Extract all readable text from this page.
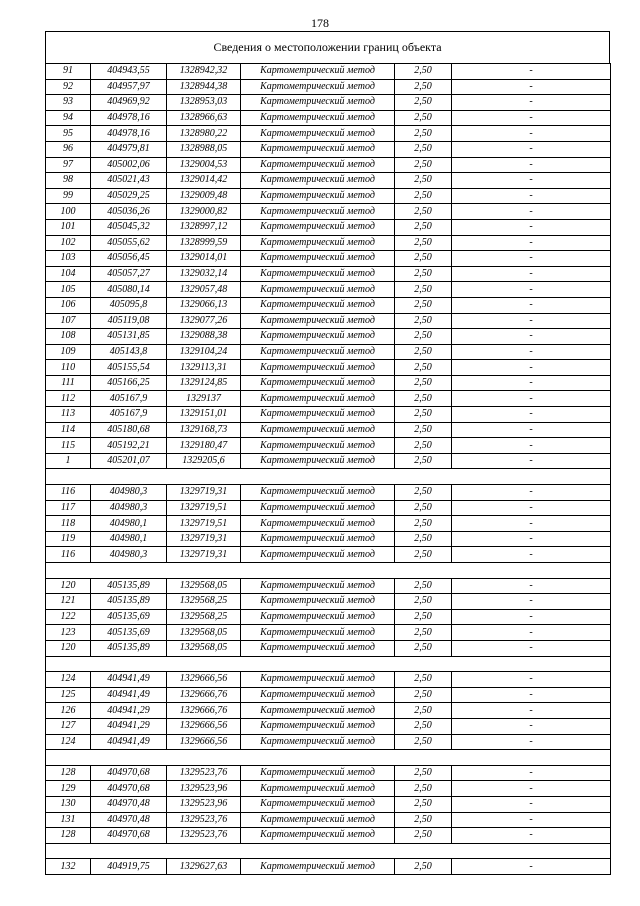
178
Сведения о местоположении границ объекта
91	404943,55	1328942,32	Картометрический метод	2,50	-
92	404957,97	1328944,38	Картометрический метод	2,50	-
93	404969,92	1328953,03	Картометрический метод	2,50	-
94	404978,16	1328966,63	Картометрический метод	2,50	-
95	404978,16	1328980,22	Картометрический метод	2,50	-
96	404979,81	1328988,05	Картометрический метод	2,50	-
97	405002,06	1329004,53	Картометрический метод	2,50	-
98	405021,43	1329014,42	Картометрический метод	2,50	-
99	405029,25	1329009,48	Картометрический метод	2,50	-
100	405036,26	1329000,82	Картометрический метод	2,50	-
101	405045,32	1328997,12	Картометрический метод	2,50	-
102	405055,62	1328999,59	Картометрический метод	2,50	-
103	405056,45	1329014,01	Картометрический метод	2,50	-
104	405057,27	1329032,14	Картометрический метод	2,50	-
105	405080,14	1329057,48	Картометрический метод	2,50	-
106	405095,8	1329066,13	Картометрический метод	2,50	-
107	405119,08	1329077,26	Картометрический метод	2,50	-
108	405131,85	1329088,38	Картометрический метод	2,50	-
109	405143,8	1329104,24	Картометрический метод	2,50	-
110	405155,54	1329113,31	Картометрический метод	2,50	-
111	405166,25	1329124,85	Картометрический метод	2,50	-
112	405167,9	1329137	Картометрический метод	2,50	-
113	405167,9	1329151,01	Картометрический метод	2,50	-
114	405180,68	1329168,73	Картометрический метод	2,50	-
115	405192,21	1329180,47	Картометрический метод	2,50	-
1	405201,07	1329205,6	Картометрический метод	2,50	-

116	404980,3	1329719,31	Картометрический метод	2,50	-
117	404980,3	1329719,51	Картометрический метод	2,50	-
118	404980,1	1329719,51	Картометрический метод	2,50	-
119	404980,1	1329719,31	Картометрический метод	2,50	-
116	404980,3	1329719,31	Картометрический метод	2,50	-

120	405135,89	1329568,05	Картометрический метод	2,50	-
121	405135,89	1329568,25	Картометрический метод	2,50	-
122	405135,69	1329568,25	Картометрический метод	2,50	-
123	405135,69	1329568,05	Картометрический метод	2,50	-
120	405135,89	1329568,05	Картометрический метод	2,50	-

124	404941,49	1329666,56	Картометрический метод	2,50	-
125	404941,49	1329666,76	Картометрический метод	2,50	-
126	404941,29	1329666,76	Картометрический метод	2,50	-
127	404941,29	1329666,56	Картометрический метод	2,50	-
124	404941,49	1329666,56	Картометрический метод	2,50	-

128	404970,68	1329523,76	Картометрический метод	2,50	-
129	404970,68	1329523,96	Картометрический метод	2,50	-
130	404970,48	1329523,96	Картометрический метод	2,50	-
131	404970,48	1329523,76	Картометрический метод	2,50	-
128	404970,68	1329523,76	Картометрический метод	2,50	-

132	404919,75	1329627,63	Картометрический метод	2,50	-
